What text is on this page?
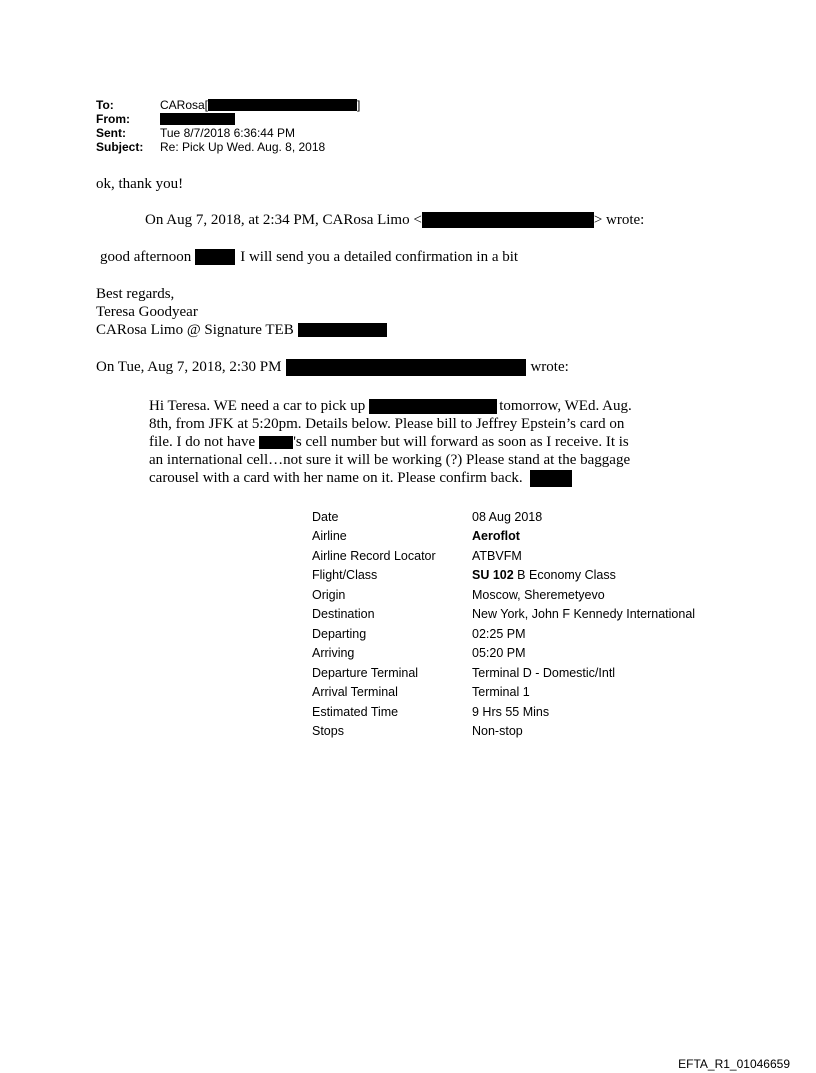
To:	CARosa[	]
From:
Sent:	Tue 8/7/2018 6:36:44 PM
Subject:	Re: Pick Up Wed. Aug. 8, 2018
ok, thank you!
On Aug 7, 2018, at 2:34 PM, CARosa Limo <	> wrote:
good afternoon	I will send you a detailed confirmation in a bit
Best regards,
Teresa Goodyear
CARosa Limo @ Signature TEB
On Tue, Aug 7, 2018, 2:30 PM	wrote:
Hi Teresa. WE need a car to pick up	tomorrow, WEd. Aug.
8th, from JFK at 5:20pm. Details below. Please bill to Jeffrey Epstein’s card on
file. I do not have	's cell number but will forward as soon as I receive. It is
an international cell…not sure it will be working (?) Please stand at the baggage
carousel with a card with her name on it. Please confirm back.
Date	08 Aug 2018
Airline	Aeroflot
Airline Record Locator	ATBVFM
Flight/Class	SU 102 B Economy Class
Origin	Moscow, Sheremetyevo
Destination	New York, John F Kennedy International
Departing	02:25 PM
Arriving	05:20 PM
Departure Terminal	Terminal D - Domestic/Intl
Arrival Terminal	Terminal 1
Estimated Time	9 Hrs 55 Mins
Stops	Non-stop
EFTA_R1_01046659
